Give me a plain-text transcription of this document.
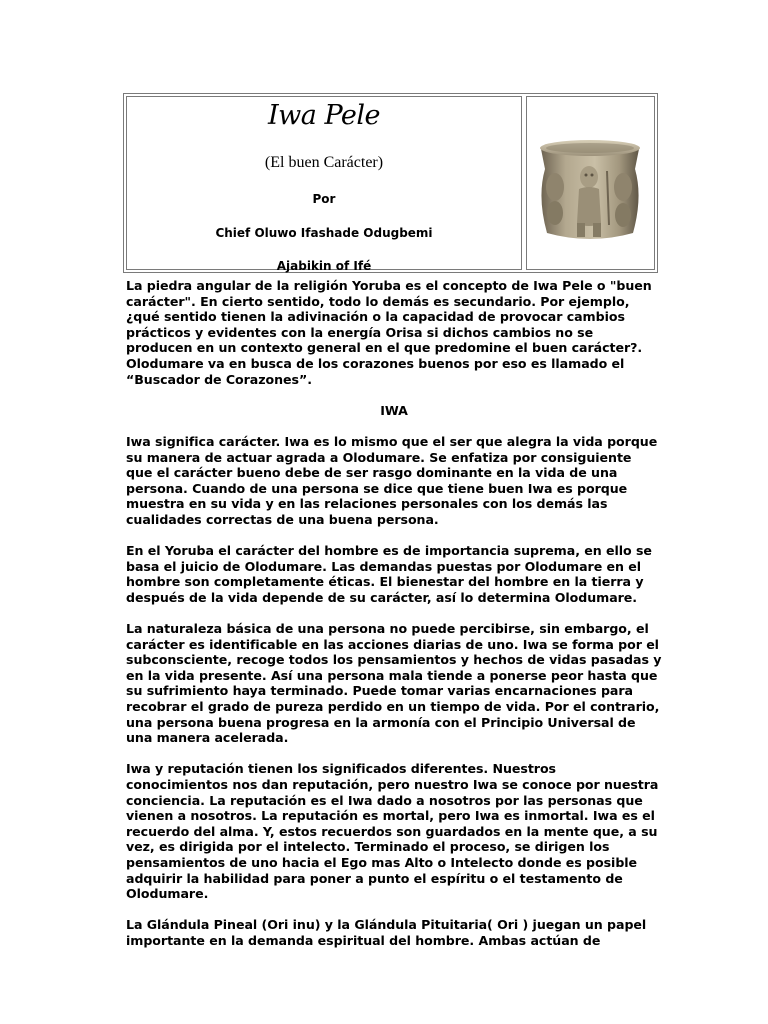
Iwa Pele
(El buen Carácter)
Por
Chief Oluwo Ifashade Odugbemi
Ajabikin of Ifé

La piedra angular de la religión Yoruba es el concepto de Iwa Pele o "buen carácter". En cierto sentido, todo lo demás es secundario. Por ejemplo, ¿qué sentido tienen la adivinación o la capacidad de provocar cambios prácticos y evidentes con la energía Orisa si dichos cambios no se producen en un contexto general en el que predomine el buen carácter?. Olodumare va en busca de los corazones buenos por eso es llamado el “Buscador de Corazones”.

IWA

Iwa significa carácter. Iwa es lo mismo que el ser que alegra la vida porque su manera de actuar agrada a Olodumare. Se enfatiza por consiguiente que el carácter bueno debe de ser rasgo dominante en la vida de una persona. Cuando de una persona se dice que tiene buen Iwa es porque muestra en su vida y en las relaciones personales con los demás las cualidades correctas de una buena persona.

En el Yoruba el carácter del hombre es de importancia suprema, en ello se basa el juicio de Olodumare. Las demandas puestas por Olodumare en el hombre son completamente éticas. El bienestar del hombre en la tierra y después de la vida depende de su carácter, así lo determina Olodumare.

La naturaleza básica de una persona no puede percibirse, sin embargo, el carácter es identificable en las acciones diarias de uno. Iwa se forma por el subconsciente, recoge todos los pensamientos y hechos de vidas pasadas y en la vida presente. Así una persona mala tiende a ponerse peor hasta que su sufrimiento haya terminado. Puede tomar varias encarnaciones para recobrar el grado de pureza perdido en un tiempo de vida. Por el contrario, una persona buena progresa en la armonía con el Principio Universal de una manera acelerada.

Iwa y reputación tienen los significados diferentes. Nuestros conocimientos nos dan reputación, pero nuestro Iwa se conoce por nuestra conciencia. La reputación es el Iwa dado a nosotros por las personas que vienen a nosotros. La reputación es mortal, pero Iwa es inmortal. Iwa es el recuerdo del alma. Y, estos recuerdos son guardados en la mente que, a su vez, es dirigida por el intelecto. Terminado el proceso, se dirigen los pensamientos de uno hacia el Ego mas Alto o Intelecto donde es posible adquirir la habilidad para poner a punto el espíritu o el testamento de Olodumare.

La Glándula Pineal (Ori inu) y la Glándula Pituitaria( Ori ) juegan un papel importante en la demanda espiritual del hombre. Ambas actúan de
